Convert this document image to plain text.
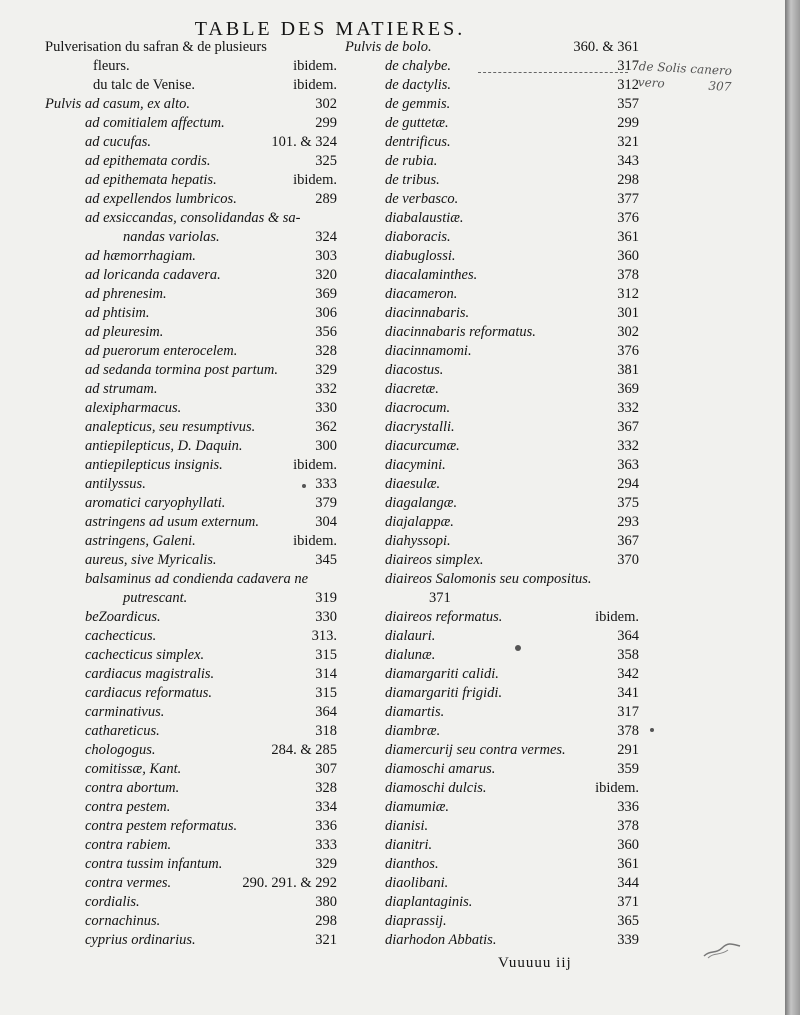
TABLE DES MATIERES.
Pulverisation du safran & de plusieurs
fleurs.	ibidem.
du talc de Venise.	ibidem.
Pulvis ad casum, ex alto.	302
ad comitialem affectum.	299
ad cucufas.	101. & 324
ad epithemata cordis.	325
ad epithemata hepatis.	ibidem.
ad expellendos lumbricos.	289
ad exsiccandas, consolidandas & sa-
nandas variolas.	324
ad hæmorrhagiam.	303
ad loricanda cadavera.	320
ad phrenesim.	369
ad phtisim.	306
ad pleuresim.	356
ad puerorum enterocelem.	328
ad sedanda tormina post partum.	329
ad strumam.	332
alexipharmacus.	330
analepticus, seu resumptivus.	362
antiepilepticus, D. Daquin.	300
antiepilepticus insignis.	ibidem.
antilyssus.	333
aromatici caryophyllati.	379
astringens ad usum externum.	304
astringens, Galeni.	ibidem.
aureus, sive Myricalis.	345
balsaminus ad condienda cadavera ne
putrescant.	319
beZoardicus.	330
cachecticus.	313.
cachecticus simplex.	315
cardiacus magistralis.	314
cardiacus reformatus.	315
carminativus.	364
cathareticus.	318
chologogus.	284. & 285
comitissæ, Kant.	307
contra abortum.	328
contra pestem.	334
contra pestem reformatus.	336
contra rabiem.	333
contra tussim infantum.	329
contra vermes.	290. 291. & 292
cordialis.	380
cornachinus.	298
cyprius ordinarius.	321
Pulvis de bolo.	360. & 361
de chalybe.	317
de dactylis.	312
de gemmis.	357
de guttetæ.	299
dentrificus.	321
de rubia.	343
de tribus.	298
de verbasco.	377
diabalaustiæ.	376
diaboracis.	361
diabuglossi.	360
diacalaminthes.	378
diacameron.	312
diacinnabaris.	301
diacinnabaris reformatus.	302
diacinnamomi.	376
diacostus.	381
diacretæ.	369
diacrocum.	332
diacrystalli.	367
diacurcumæ.	332
diacymini.	363
diaesulæ.	294
diagalangæ.	375
diajalappæ.	293
diahyssopi.	367
diaireos simplex.	370
diaireos Salomonis seu compositus.
371
diaireos reformatus.	ibidem.
dialauri.	364
dialunæ.	358
diamargariti calidi.	342
diamargariti frigidi.	341
diamartis.	317
diambræ.	378
diamercurij seu contra vermes.	291
diamoschi amarus.	359
diamoschi dulcis.	ibidem.
diamumiæ.	336
dianisi.	378
dianitri.	360
dianthos.	361
diaolibani.	344
diaplantaginis.	371
diaprassij.	365
diarhodon Abbatis.	339
de Solis canero
vero	307
Vuuuuu iij
